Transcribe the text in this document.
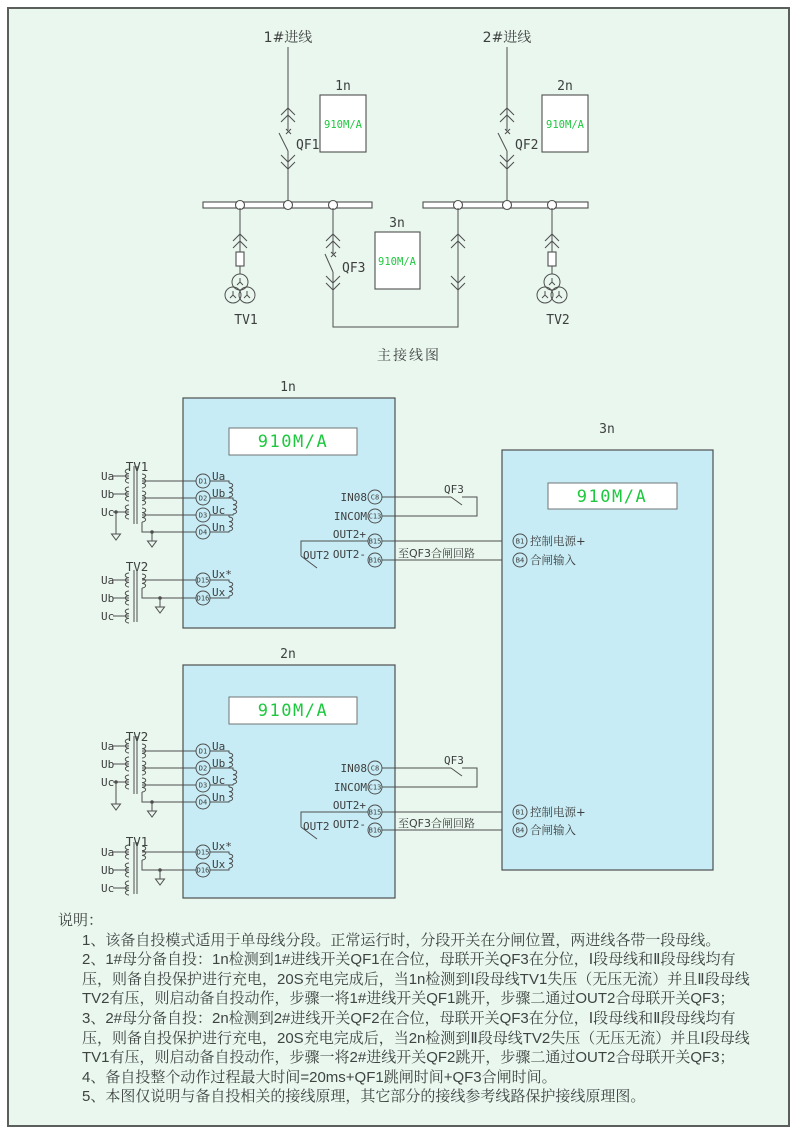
1#进线	2#进线
QF1	QF2
1n
910M/A
2n
910M/A
TV1
QF3
3n
910M/A
TV2
主接线图
1n
910M/A
TV1
Ua
Ub
Uc
D1
D2
D3
D4
Ua
Ub
Uc
Un
TV2
Ua
Ub
Uc
D15
D16
Ux*
Ux
IN08 C8
INCOM C13
QF3
OUT2+
B15
OUT2- B16
OUT2	至QF3合闸回路
2n
910M/A
TV2
Ua
Ub
Uc
D1
D2
D3
D4
Ua
Ub
Uc
Un
TV1
Ua
Ub
Uc
D15
D16
Ux*
Ux
IN08 C8
INCOM C13
QF3
OUT2+
B15
OUT2- B16
OUT2	至QF3合闸回路
3n
910M/A
B1 控制电源+
B4 合闸输入
B1 控制电源+
B4 合闸输入
说明：
1、该备自投模式适用于单母线分段。正常运行时，分段开关在分闸位置，两进线各带一段母线。
2、1#母分备自投：1n检测到1#进线开关QF1在合位，母联开关QF3在分位，Ⅰ段母线和Ⅱ段母线均有压，则备自投保护进行充电，20S充电完成后，当1n检测到Ⅰ段母线TV1失压（无压无流）并且Ⅱ段母线TV2有压，则启动备自投动作，步骤一将1#进线开关QF1跳开，步骤二通过OUT2合母联开关QF3；
3、2#母分备自投：2n检测到2#进线开关QF2在合位，母联开关QF3在分位，Ⅰ段母线和Ⅱ段母线均有压，则备自投保护进行充电，20S充电完成后，当2n检测到Ⅱ段母线TV2失压（无压无流）并且Ⅰ段母线TV1有压，则启动备自投动作，步骤一将2#进线开关QF2跳开，步骤二通过OUT2合母联开关QF3；
4、备自投整个动作过程最大时间=20ms+QF1跳闸时间+QF3合闸时间。
5、本图仅说明与备自投相关的接线原理，其它部分的接线参考线路保护接线原理图。
